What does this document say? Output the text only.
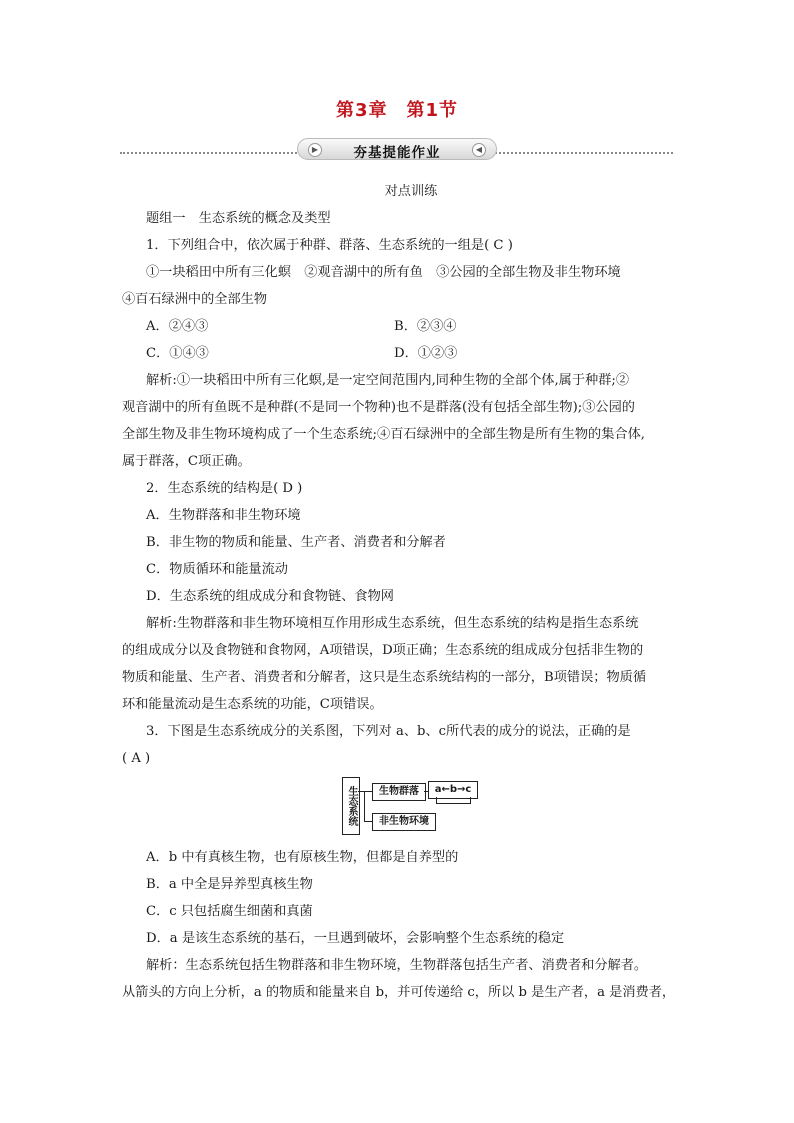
第3章　第1节
▶	夯基提能作业	◀
对点训练
题组一　生态系统的概念及类型
1．下列组合中，依次属于种群、群落、生态系统的一组是( C )
①一块稻田中所有三化螟　②观音湖中的所有鱼　③公园的全部生物及非生物环境
④百石绿洲中的全部生物
A．②④③	B．②③④
C．①④③	D．①②③
解析:①一块稻田中所有三化螟,是一定空间范围内,同种生物的全部个体,属于种群;②
观音湖中的所有鱼既不是种群(不是同一个物种)也不是群落(没有包括全部生物);③公园的
全部生物及非生物环境构成了一个生态系统;④百石绿洲中的全部生物是所有生物的集合体,
属于群落，C项正确。
2．生态系统的结构是( D )
A．生物群落和非生物环境
B．非生物的物质和能量、生产者、消费者和分解者
C．物质循环和能量流动
D．生态系统的组成成分和食物链、食物网
解析:生物群落和非生物环境相互作用形成生态系统，但生态系统的结构是指生态系统
的组成成分以及食物链和食物网，A项错误，D项正确；生态系统的组成成分包括非生物的
物质和能量、生产者、消费者和分解者，这只是生态系统结构的一部分，B项错误；物质循
环和能量流动是生态系统的功能，C项错误。
3．下图是生态系统成分的关系图，下列对 a、b、c所代表的成分的说法，正确的是
( A )
A．b 中有真核生物，也有原核生物，但都是自养型的
B．a 中全是异养型真核生物
C．c 只包括腐生细菌和真菌
D．a 是该生态系统的基石，一旦遇到破坏，会影响整个生态系统的稳定
解析：生态系统包括生物群落和非生物环境，生物群落包括生产者、消费者和分解者。
从箭头的方向上分析，a 的物质和能量来自 b，并可传递给 c，所以 b 是生产者，a 是消费者，
生态系统	生物群落	a←b→c
非生物环境
